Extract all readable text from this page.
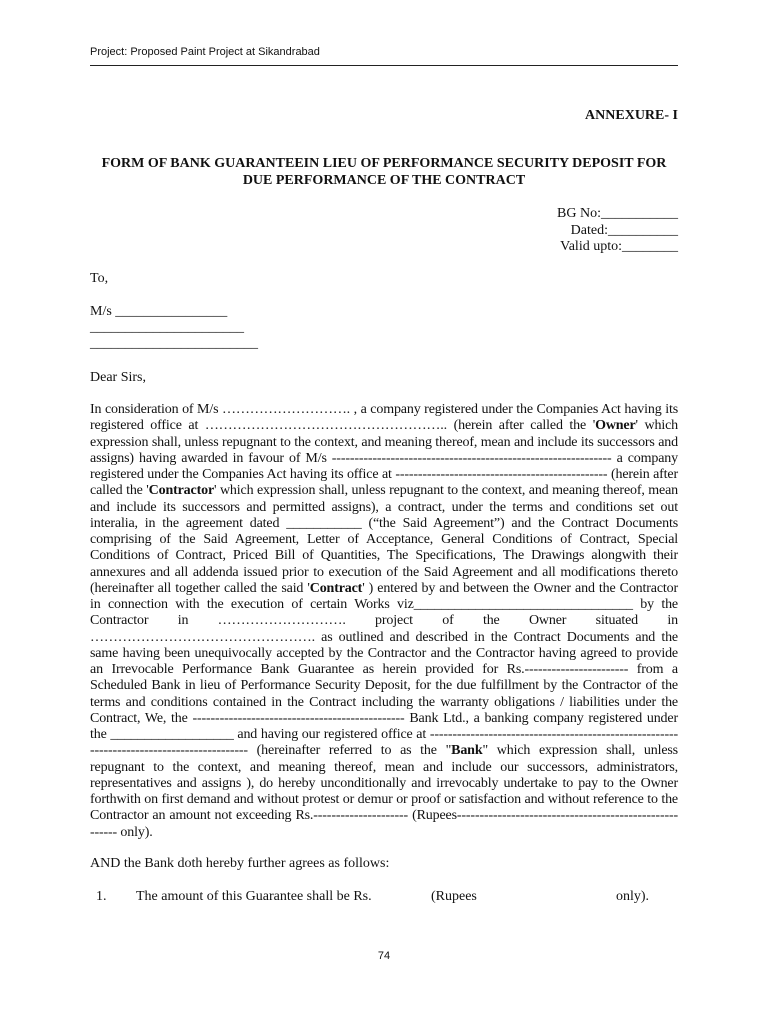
Project: Proposed Paint Project at Sikandrabad
ANNEXURE- I
FORM OF BANK GUARANTEEIN LIEU OF PERFORMANCE SECURITY DEPOSIT FOR
DUE PERFORMANCE OF THE CONTRACT
BG No:___________
Dated:__________
Valid upto:________
To,
M/s ________________
______________________
________________________
Dear Sirs,
In consideration of M/s ………………………. , a company registered under the Companies Act having its registered office at …………………………………………….. (herein after called the 'Owner' which expression shall, unless repugnant to the context, and meaning thereof, mean and include its successors and assigns) having awarded in favour of M/s -------------------------------------------------------------- a company registered under the Companies Act having its office at ----------------------------------------------- (herein after called the 'Contractor' which expression shall, unless repugnant to the context, and meaning thereof, mean and include its successors and permitted assigns), a contract, under the terms and conditions set out interalia, in the agreement dated ___________ (“the Said Agreement”) and the Contract Documents comprising of the Said Agreement, Letter of Acceptance, General Conditions of Contract, Special Conditions of Contract, Priced Bill of Quantities, The Specifications, The Drawings alongwith their annexures and all addenda issued prior to execution of the Said Agreement and all modifications thereto (hereinafter all together called the said 'Contract' ) entered by and between the Owner and the Contractor in connection with the execution of certain Works viz________________________________ by the Contractor in ………………………. project of the Owner situated in …………………………………………. as outlined and described in the Contract Documents and the same having been unequivocally accepted by the Contractor and the Contractor having agreed to provide an Irrevocable Performance Bank Guarantee as herein provided for Rs.----------------------- from a Scheduled Bank in lieu of Performance Security Deposit, for the due fulfillment by the Contractor of the terms and conditions contained in the Contract including the warranty obligations / liabilities under the Contract, We, the ----------------------------------------------- Bank Ltd., a banking company registered under the __________________ and having our registered office at ------------------------------------------------------------------------------------------ (hereinafter referred to as the "Bank" which expression shall, unless repugnant to the context, and meaning thereof, mean and include our successors, administrators, representatives and assigns ), do hereby unconditionally and irrevocably undertake to pay to the Owner forthwith on first demand and without protest or demur or proof or satisfaction and without reference to the Contractor an amount not exceeding Rs.--------------------- (Rupees------------------------------------------------------- only).
AND the Bank doth hereby further agrees as follows:
1. The amount of this Guarantee shall be Rs.	(Rupees	only).
74
